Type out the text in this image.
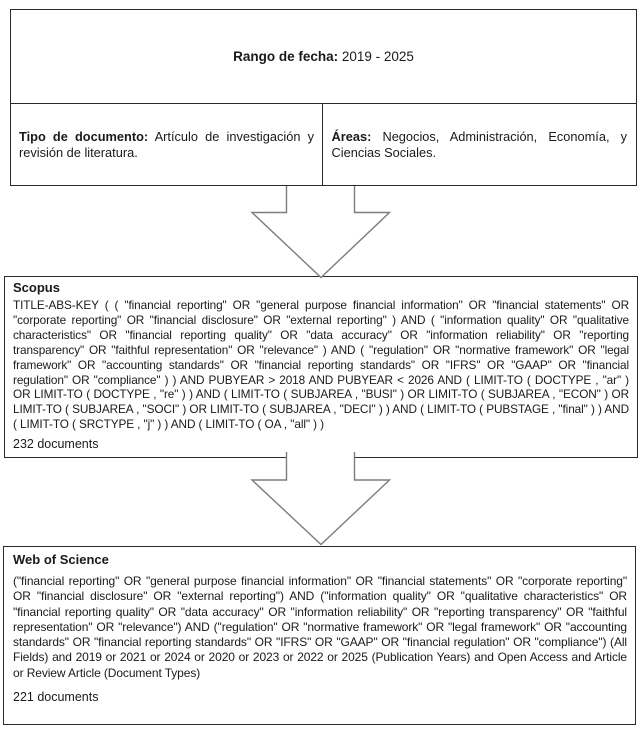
Rango de fecha: 2019 - 2025
Tipo de documento: Artículo de investigación y revisión de literatura.
Áreas: Negocios, Administración, Economía, y Ciencias Sociales.
Scopus
TITLE-ABS-KEY ( ( "financial reporting" OR "general purpose financial information" OR "financial statements" OR "corporate reporting" OR "financial disclosure" OR "external reporting" ) AND ( "information quality" OR "qualitative characteristics" OR "financial reporting quality" OR "data accuracy" OR "information reliability" OR "reporting transparency" OR "faithful representation" OR "relevance" ) AND ( "regulation" OR "normative framework" OR "legal framework" OR "accounting standards" OR "financial reporting standards" OR "IFRS" OR "GAAP" OR "financial regulation" OR "compliance" ) ) AND PUBYEAR > 2018 AND PUBYEAR < 2026 AND ( LIMIT-TO ( DOCTYPE , "ar" ) OR LIMIT-TO ( DOCTYPE , "re" ) ) AND ( LIMIT-TO ( SUBJAREA , "BUSI" ) OR LIMIT-TO ( SUBJAREA , "ECON" ) OR LIMIT-TO ( SUBJAREA , "SOCI" ) OR LIMIT-TO ( SUBJAREA , "DECI" ) ) AND ( LIMIT-TO ( PUBSTAGE , "final" ) ) AND ( LIMIT-TO ( SRCTYPE , "j" ) ) AND ( LIMIT-TO ( OA , "all" ) )
232 documents
Web of Science
("financial reporting" OR "general purpose financial information" OR "financial statements" OR "corporate reporting" OR "financial disclosure" OR "external reporting") AND ("information quality" OR "qualitative characteristics" OR "financial reporting quality" OR "data accuracy" OR "information reliability" OR "reporting transparency" OR "faithful representation" OR "relevance") AND ("regulation" OR "normative framework" OR "legal framework" OR "accounting standards" OR "financial reporting standards" OR "IFRS" OR "GAAP" OR "financial regulation" OR "compliance") (All Fields) and 2019 or 2021 or 2024 or 2020 or 2023 or 2022 or 2025 (Publication Years) and Open Access and Article or Review Article (Document Types)
221 documents
